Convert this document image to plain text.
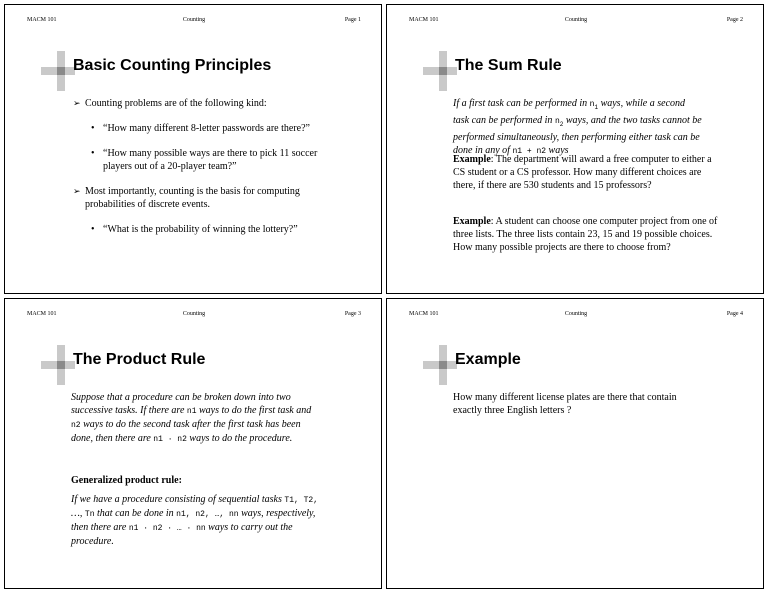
MACM 101	Counting	Page 1
Basic Counting Principles
➢ Counting problems are of the following kind:

• “How many different 8-letter passwords are there?”

• “How many possible ways are there to pick 11 soccer

players out of a 20-player team?”

➢ Most importantly, counting is the basis for computing

probabilities of discrete events.

• “What is the probability of winning the lottery?”

MACM 101	Counting	Page 2
The Sum Rule

If a first task can be performed in $n_1$ ways, while a second

task can be performed in $n_2$ ways, and the two tasks cannot be

performed simultaneously, then performing either task can be

done in any of n1 + n2 ways

Example: The department will award a free computer to either a

CS student or a CS professor. How many different choices are

there, if there are 530 students and 15 professors?

Example: A student can choose one computer project from one of

three lists. The three lists contain 23, 15 and 19 possible choices.

How many possible projects are there to choose from?

MACM 101	Counting	Page 3
The Product Rule

Suppose that a procedure can be broken down into two

successive tasks. If there are n1 ways to do the first task and

n2 ways to do the second task after the first task has been

done, then there are n1 · n2 ways to do the procedure.

Generalized product rule:

If we have a procedure consisting of sequential tasks T1, T2,

…, Tn that can be done in n1, n2, …, nn ways, respectively,

then there are n1 · n2 · … · nn ways to carry out the

procedure.

MACM 101	Counting	Page 4
Example

How many different license plates are there that contain

exactly three English letters ?
